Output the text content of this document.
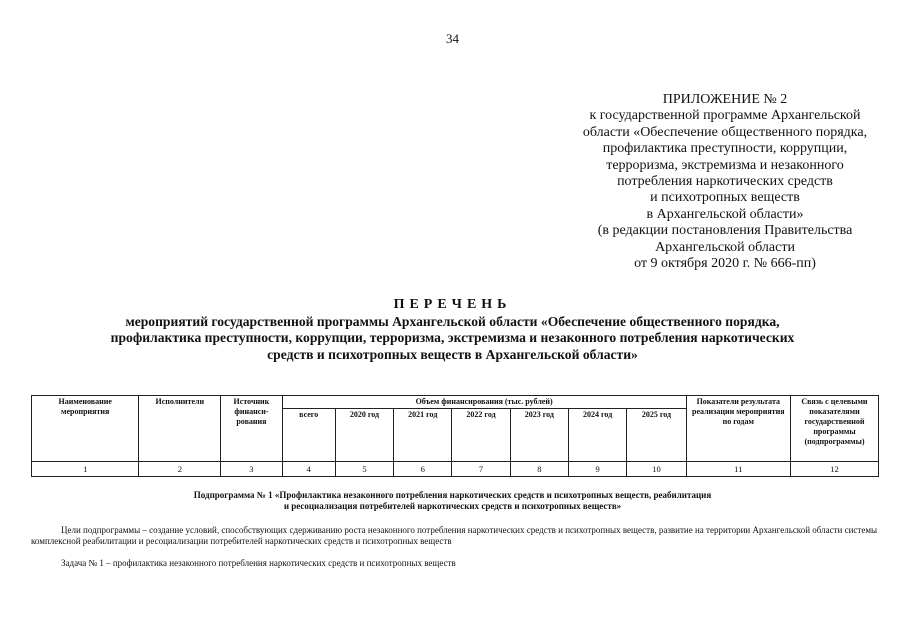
34
ПРИЛОЖЕНИЕ № 2
к государственной программе Архангельской
области «Обеспечение общественного порядка,
профилактика преступности, коррупции,
терроризма, экстремизма и незаконного
потребления наркотических средств
и психотропных веществ
в Архангельской области»
(в редакции постановления Правительства
Архангельской области
от 9 октября 2020 г. № 666-пп)
ПЕРЕЧЕНЬ
мероприятий государственной программы Архангельской области «Обеспечение общественного порядка,
профилактика преступности, коррупции, терроризма, экстремизма и незаконного потребления наркотических
средств и психотропных веществ в Архангельской области»
Наименование мероприятия	Исполнители	Источник финанси- рования	Объем финансирования (тыс. рублей)							Показатели результата реализации мероприятия по годам	Связь с целевыми показателями государственной программы (подпрограммы)
			всего	2020 год	2021 год	2022 год	2023 год	2024 год	2025 год		
1	2	3	4	5	6	7	8	9	10	11	12
Подпрограмма № 1 «Профилактика незаконного потребления наркотических средств и психотропных веществ, реабилитация
и ресоциализация потребителей наркотических средств и психотропных веществ»
Цели подпрограммы – создание условий, способствующих сдерживанию роста незаконного потребления наркотических средств и психотропных веществ, развитие на территории Архангельской области системы комплексной реабилитации и ресоциализации потребителей наркотических средств и психотропных веществ
Задача № 1 – профилактика незаконного потребления наркотических средств и психотропных веществ
